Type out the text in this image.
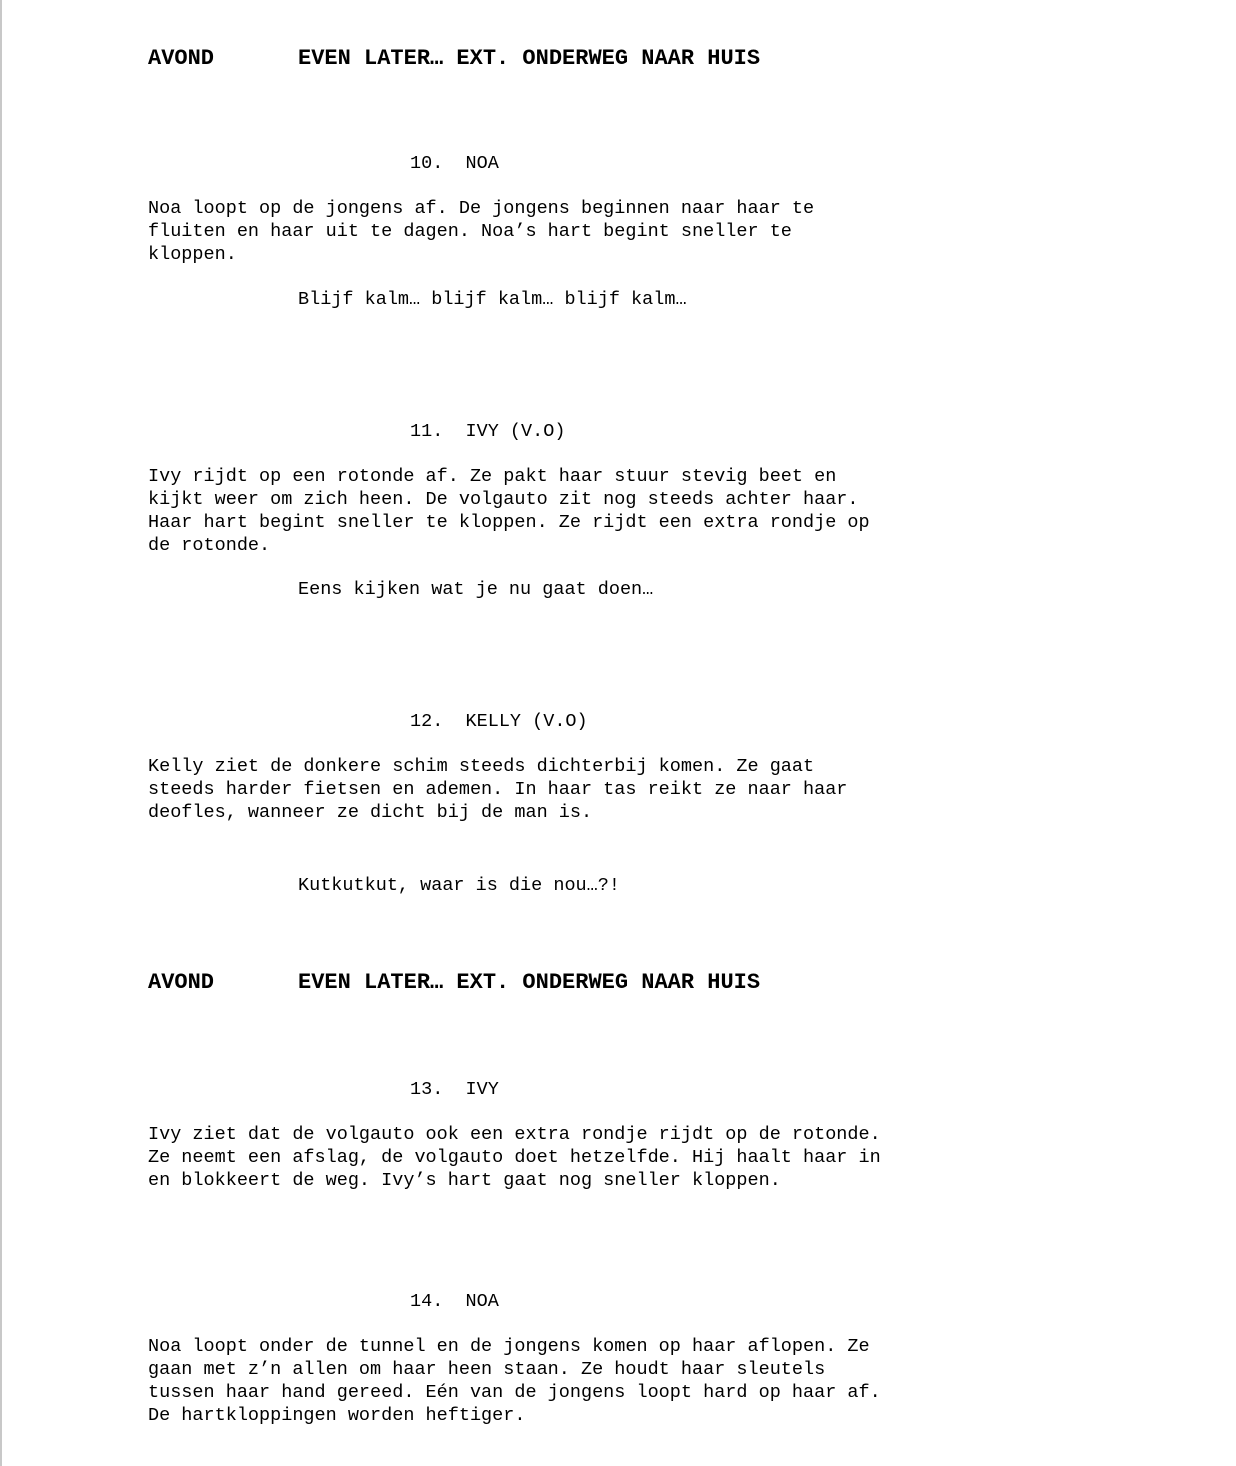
AVOND

	EVEN LATER… EXT. ONDERWEG NAAR HUIS

10.  NOA
Noa loopt op de jongens af. De jongens beginnen naar haar te
fluiten en haar uit te dagen. Noa’s hart begint sneller te
kloppen.
Blijf kalm… blijf kalm… blijf kalm…
11.  IVY (V.O)
Ivy rijdt op een rotonde af. Ze pakt haar stuur stevig beet en
kijkt weer om zich heen. De volgauto zit nog steeds achter haar.
Haar hart begint sneller te kloppen. Ze rijdt een extra rondje op
de rotonde.
Eens kijken wat je nu gaat doen…
12.  KELLY (V.O)
Kelly ziet de donkere schim steeds dichterbij komen. Ze gaat
steeds harder fietsen en ademen. In haar tas reikt ze naar haar
deofles, wanneer ze dicht bij de man is.
Kutkutkut, waar is die nou…?!

AVOND

	EVEN LATER… EXT. ONDERWEG NAAR HUIS

13.  IVY
Ivy ziet dat de volgauto ook een extra rondje rijdt op de rotonde.
Ze neemt een afslag, de volgauto doet hetzelfde. Hij haalt haar in
en blokkeert de weg. Ivy’s hart gaat nog sneller kloppen.
14.  NOA
Noa loopt onder de tunnel en de jongens komen op haar aflopen. Ze
gaan met z’n allen om haar heen staan. Ze houdt haar sleutels
tussen haar hand gereed. Eén van de jongens loopt hard op haar af.
De hartkloppingen worden heftiger.
